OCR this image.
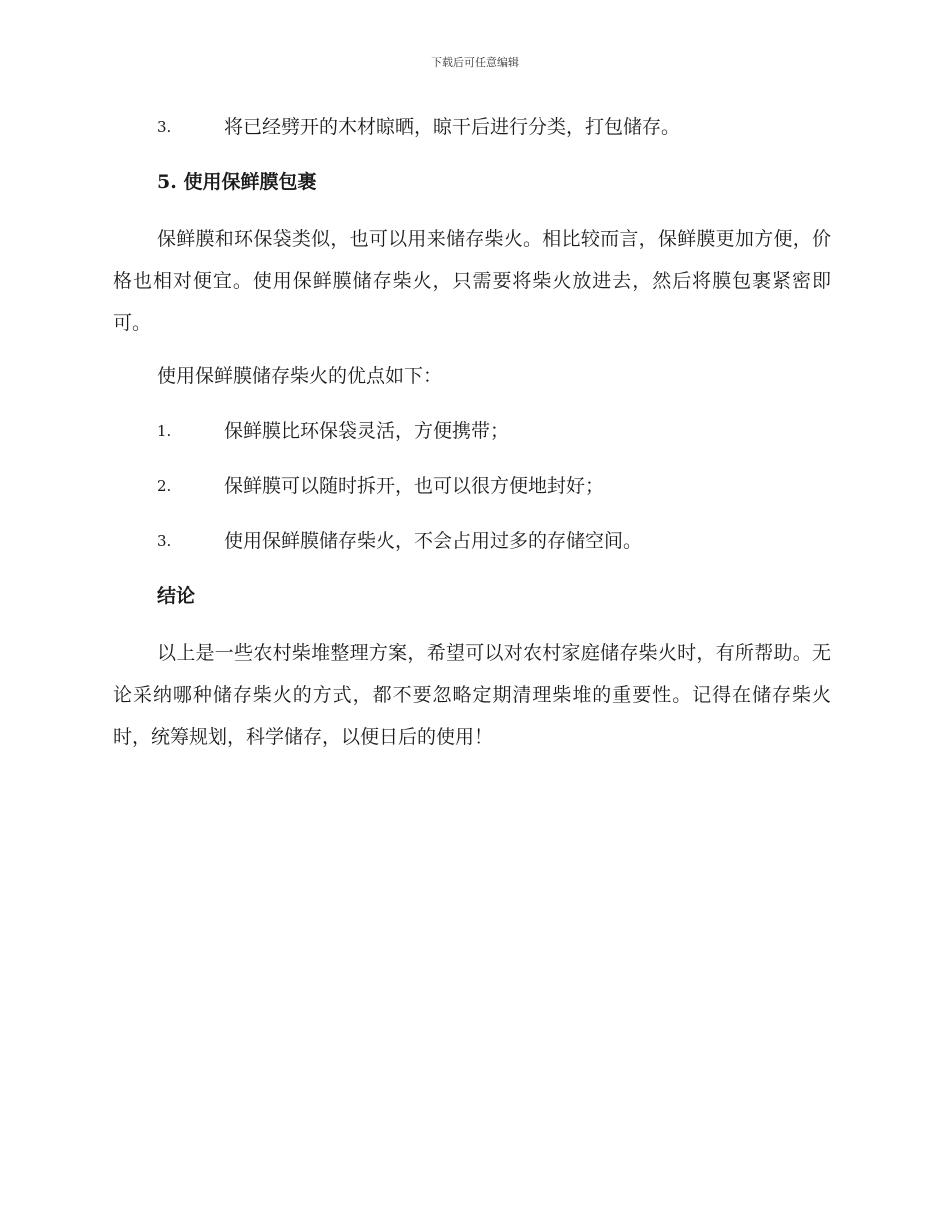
下载后可任意编辑
3.	将已经劈开的木材晾晒，晾干后进行分类，打包储存。
5. 使用保鲜膜包裹

保鲜膜和环保袋类似，也可以用来储存柴火。相比较而言，保鲜膜更加方便，价格也相对便宜。使用保鲜膜储存柴火，只需要将柴火放进去，然后将膜包裹紧密即可。

使用保鲜膜储存柴火的优点如下：

1.	保鲜膜比环保袋灵活，方便携带；
2.	保鲜膜可以随时拆开，也可以很方便地封好；
3.	使用保鲜膜储存柴火，不会占用过多的存储空间。
结论

以上是一些农村柴堆整理方案，希望可以对农村家庭储存柴火时，有所帮助。无论采纳哪种储存柴火的方式，都不要忽略定期清理柴堆的重要性。记得在储存柴火时，统筹规划，科学储存，以便日后的使用！
